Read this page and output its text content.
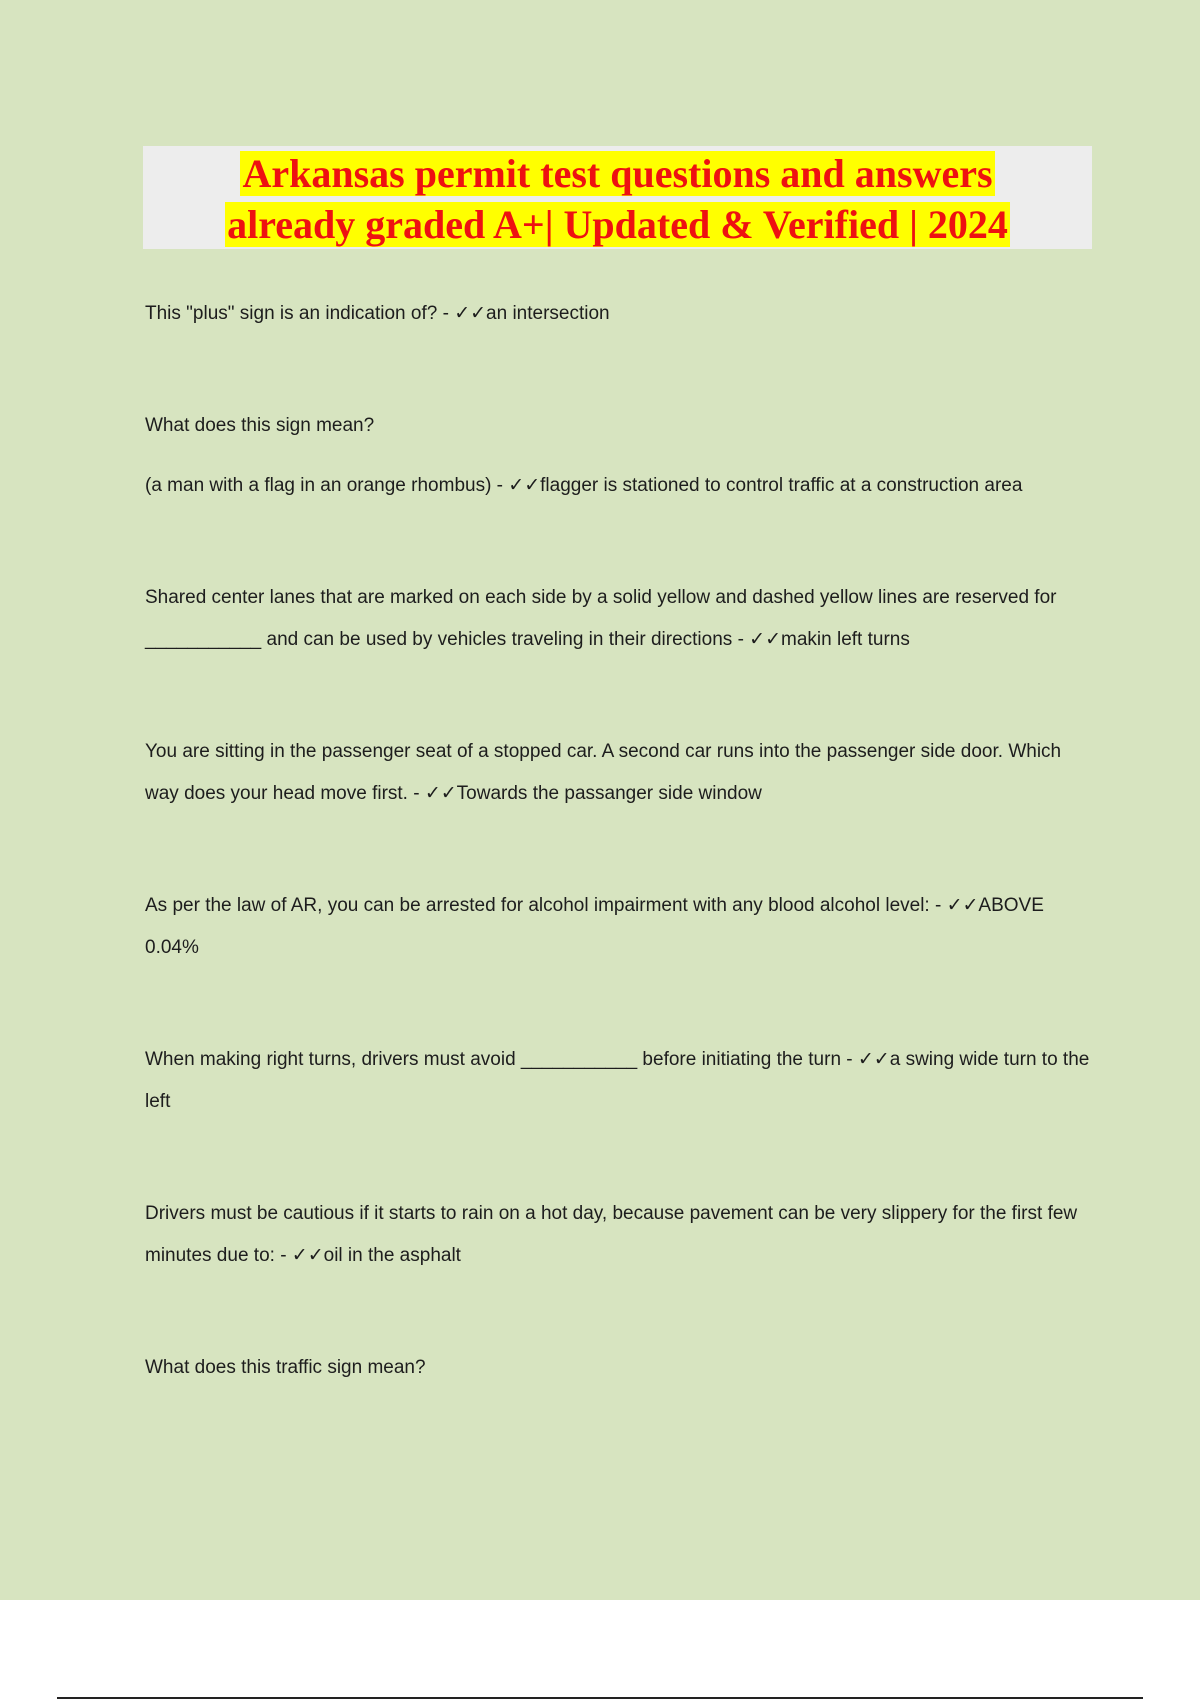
Arkansas permit test questions and answers
already graded A+| Updated & Verified | 2024

This "plus" sign is an indication of? - ✓✓an intersection

What does this sign mean?

(a man with a flag in an orange rhombus) - ✓✓flagger is stationed to control traffic at a construction area

Shared center lanes that are marked on each side by a solid yellow and dashed yellow lines are reserved for ___________ and can be used by vehicles traveling in their directions - ✓✓makin left turns

You are sitting in the passenger seat of a stopped car. A second car runs into the passenger side door. Which way does your head move first. - ✓✓Towards the passanger side window

As per the law of AR, you can be arrested for alcohol impairment with any blood alcohol level: - ✓✓ABOVE 0.04%

When making right turns, drivers must avoid ___________ before initiating the turn - ✓✓a swing wide turn to the left

Drivers must be cautious if it starts to rain on a hot day, because pavement can be very slippery for the first few minutes due to: - ✓✓oil in the asphalt

What does this traffic sign mean?
